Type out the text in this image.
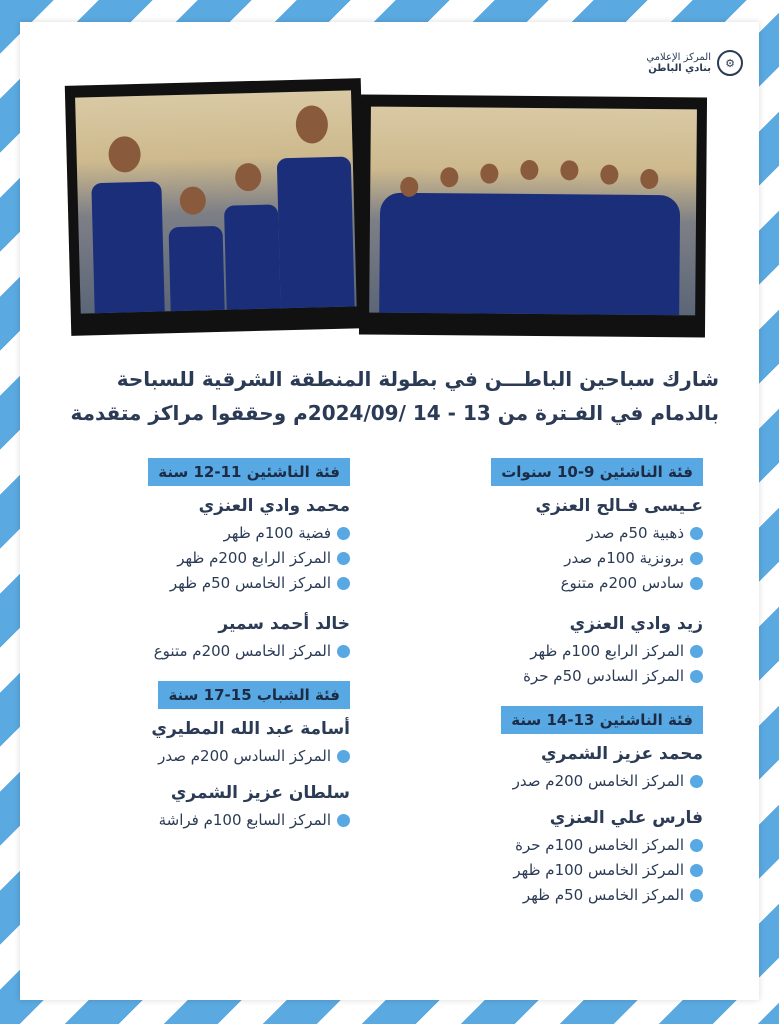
⚙
المركز الإعلامي
بنادي الباطن
شارك سباحين الباطـــن في بطولة المنطقة الشرقية للسباحة
بالدمام في الفـترة من 13 - 14 /2024/09م وحققوا مراكز متقدمة
فئة الناشئين 9-10 سنوات
عـيسى فـالح العنزي
ذهبية 50م صدر
برونزية 100م صدر
سادس 200م متنوع
زيد وادي العنزي
المركز الرابع 100م ظهر
المركز السادس 50م حرة
فئة الناشئين 13-14 سنة
محمد عزيز الشمري
المركز الخامس 200م صدر
فارس علي العنزي
المركز الخامس 100م حرة
المركز الخامس 100م ظهر
المركز الخامس 50م ظهر
فئة الناشئين 11-12 سنة
محمد وادي العنزي
فضية 100م ظهر
المركز الرابع 200م ظهر
المركز الخامس 50م ظهر
خالد أحمد سمير
المركز الخامس 200م متنوع
فئة الشباب 15-17 سنة
أسامة عبد الله المطيري
المركز السادس 200م صدر
سلطان عزيز الشمري
المركز السابع 100م فراشة
